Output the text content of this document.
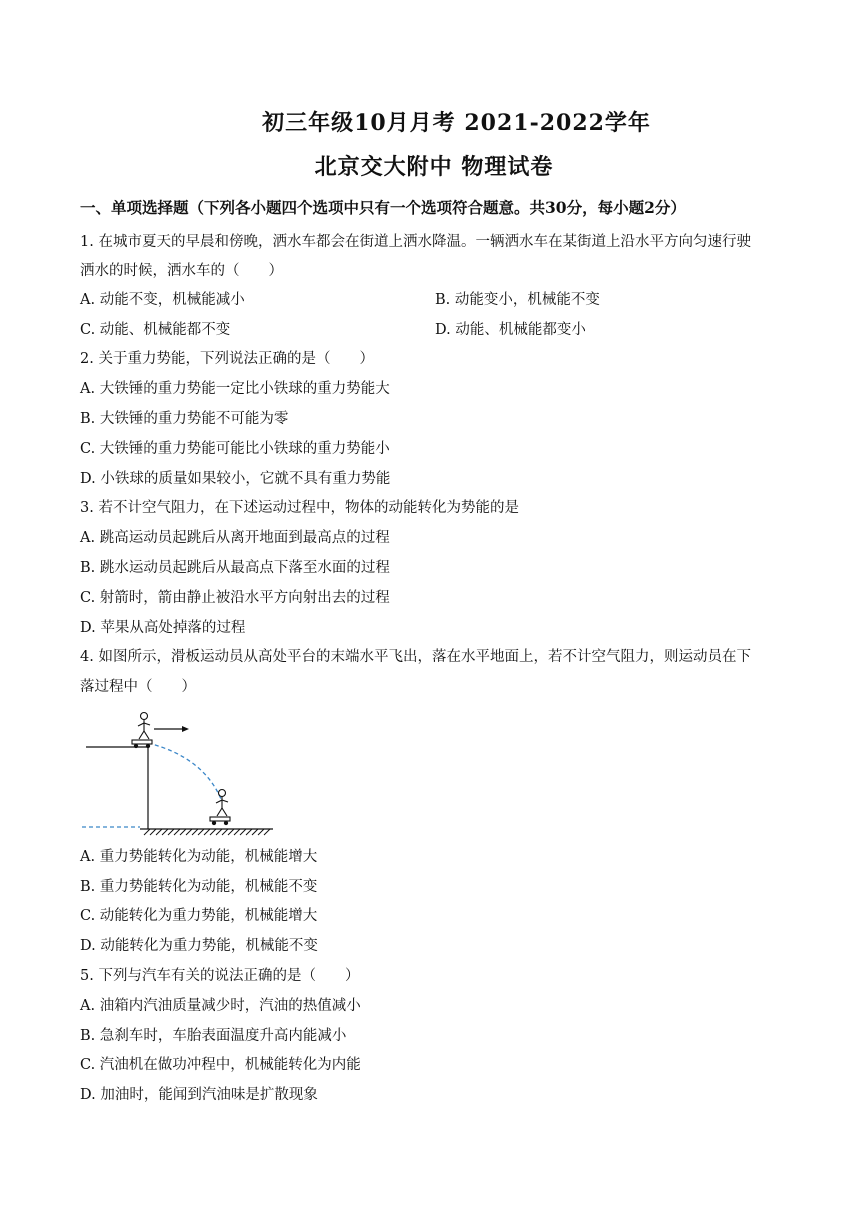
初三年级10月月考 2021-2022学年
北京交大附中 物理试卷
一、单项选择题（下列各小题四个选项中只有一个选项符合题意。共30分，每小题2分）
1. 在城市夏天的早晨和傍晚，洒水车都会在街道上洒水降温。一辆洒水车在某街道上沿水平方向匀速行驶
洒水的时候，洒水车的（　　）
A. 动能不变，机械能减小	B. 动能变小，机械能不变
C. 动能、机械能都不变	D. 动能、机械能都变小
2. 关于重力势能，下列说法正确的是（　　）
A. 大铁锤的重力势能一定比小铁球的重力势能大
B. 大铁锤的重力势能不可能为零
C. 大铁锤的重力势能可能比小铁球的重力势能小
D. 小铁球的质量如果较小，它就不具有重力势能
3. 若不计空气阻力，在下述运动过程中，物体的动能转化为势能的是
A. 跳高运动员起跳后从离开地面到最高点的过程
B. 跳水运动员起跳后从最高点下落至水面的过程
C. 射箭时，箭由静止被沿水平方向射出去的过程
D. 苹果从高处掉落的过程
4. 如图所示，滑板运动员从高处平台的末端水平飞出，落在水平地面上，若不计空气阻力，则运动员在下
落过程中（　　）
A. 重力势能转化为动能，机械能增大
B. 重力势能转化为动能，机械能不变
C. 动能转化为重力势能，机械能增大
D. 动能转化为重力势能，机械能不变
5. 下列与汽车有关的说法正确的是（　　）
A. 油箱内汽油质量减少时，汽油的热值减小
B. 急刹车时，车胎表面温度升高内能减小
C. 汽油机在做功冲程中，机械能转化为内能
D. 加油时，能闻到汽油味是扩散现象
